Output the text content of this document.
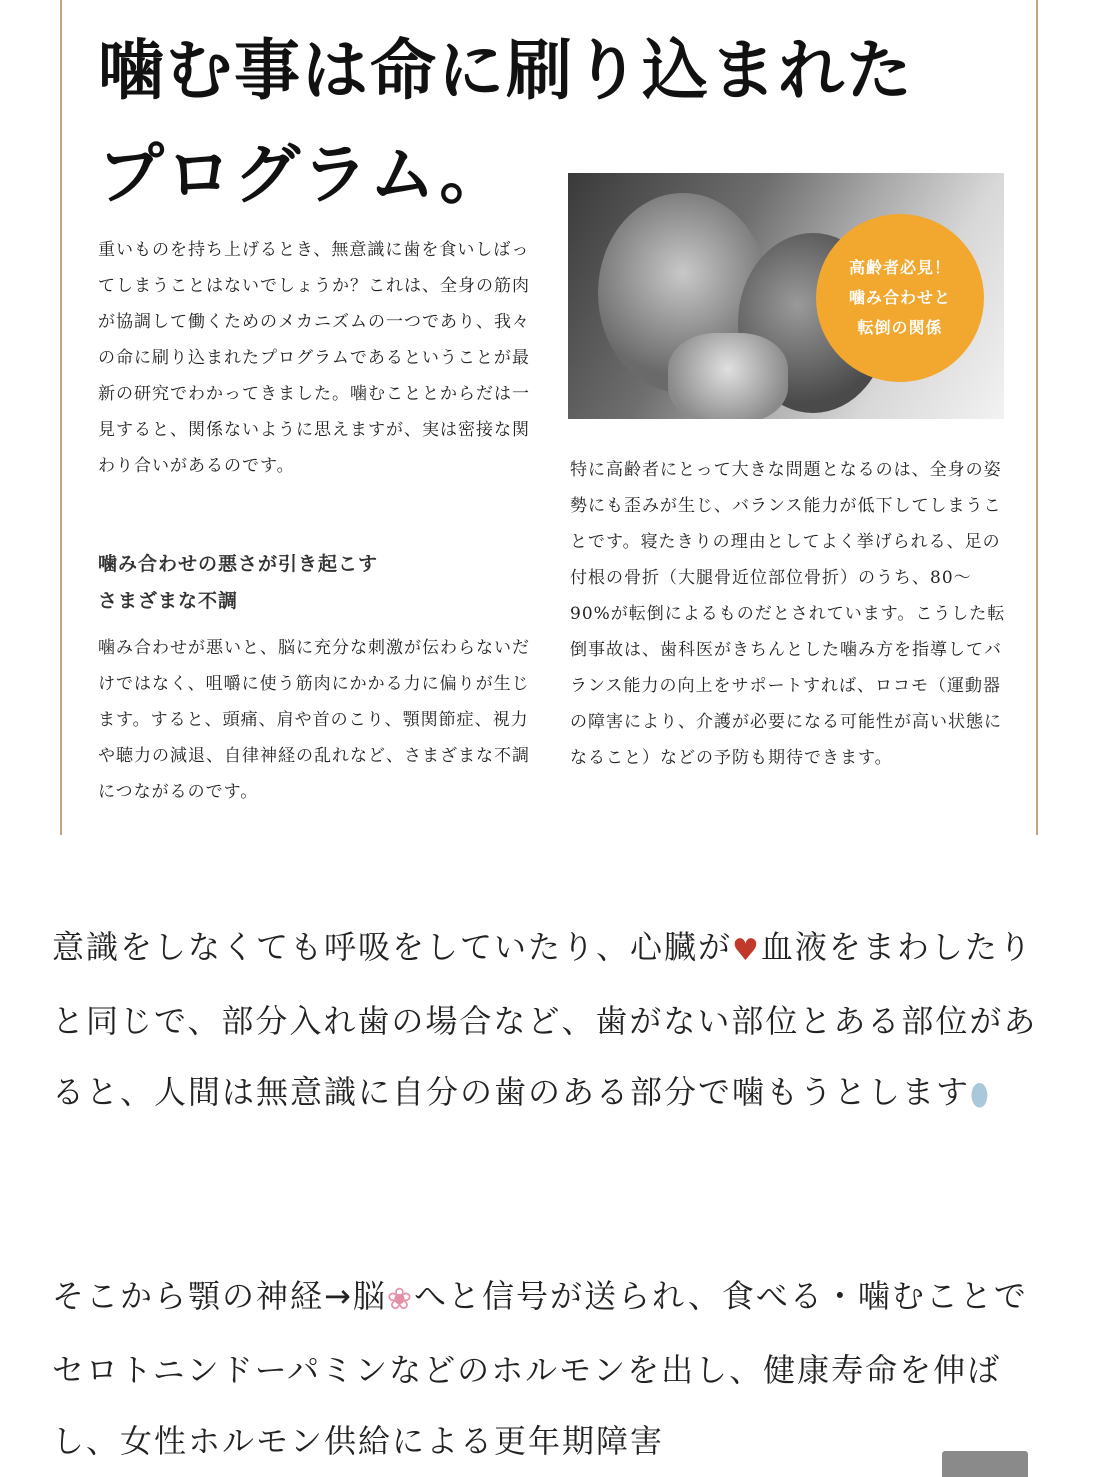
噛む事は命に刷り込まれた
プログラム。

重いものを持ち上げるとき、無意識に歯を食いしばってしまうことはないでしょうか？これは、全身の筋肉が協調して働くためのメカニズムの一つであり、我々の命に刷り込まれたプログラムであるということが最新の研究でわかってきました。噛むこととからだは一見すると、関係ないように思えますが、実は密接な関わり合いがあるのです。

噛み合わせの悪さが引き起こす
さまざまな不調

噛み合わせが悪いと、脳に充分な刺激が伝わらないだけではなく、咀嚼に使う筋肉にかかる力に偏りが生じます。すると、頭痛、肩や首のこり、顎関節症、視力や聴力の減退、自律神経の乱れなど、さまざまな不調につながるのです。

高齢者必見！
噛み合わせと
転倒の関係

特に高齢者にとって大きな問題となるのは、全身の姿勢にも歪みが生じ、バランス能力が低下してしまうことです。寝たきりの理由としてよく挙げられる、足の付根の骨折（大腿骨近位部位骨折）のうち、80〜90%が転倒によるものだとされています。こうした転倒事故は、歯科医がきちんとした噛み方を指導してバランス能力の向上をサポートすれば、ロコモ（運動器の障害により、介護が必要になる可能性が高い状態になること）などの予防も期待できます。

意識をしなくても呼吸をしていたり、心臓が♥血液をまわしたりと同じで、部分入れ歯の場合など、歯がない部位とある部位があると、人間は無意識に自分の歯のある部分で噛もうとします⬮

そこから顎の神経→脳❀へと信号が送られ、食べる・噛むことでセロトニンドーパミンなどのホルモンを出し、健康寿命を伸ばし、女性ホルモン供給による更年期障害
